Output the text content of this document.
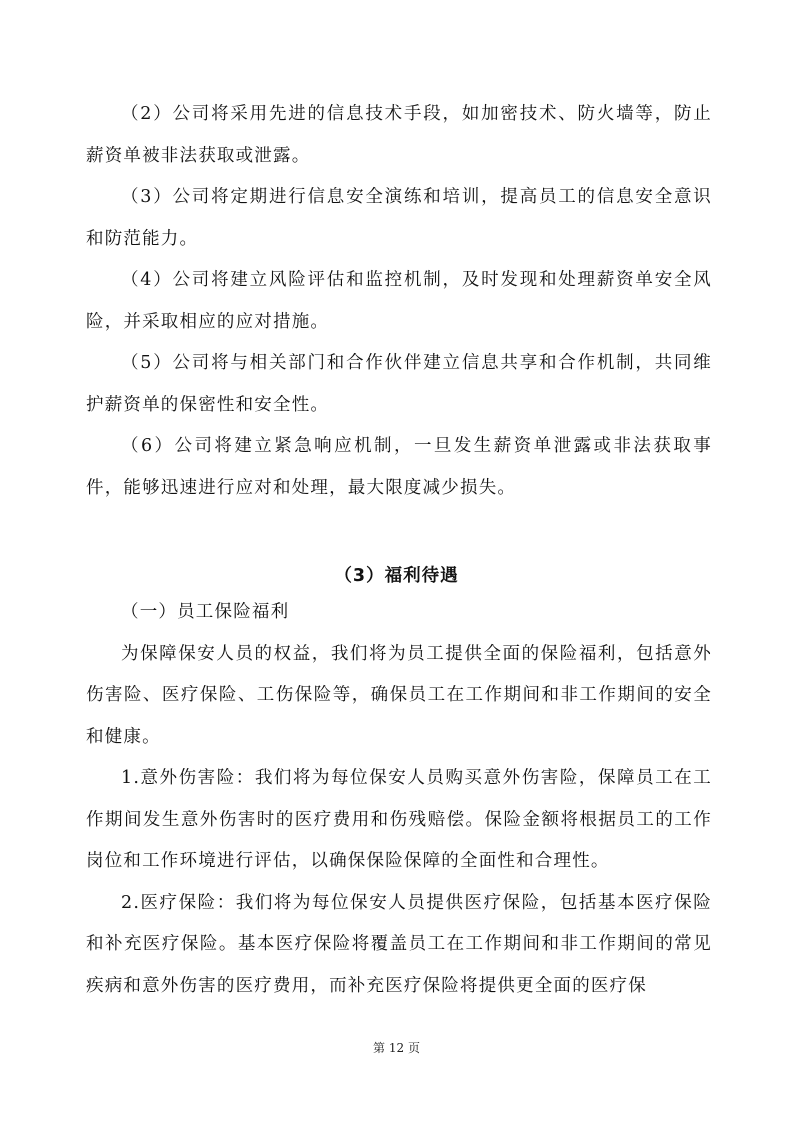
（2）公司将采用先进的信息技术手段，如加密技术、防火墙等，防止薪资单被非法获取或泄露。

（3）公司将定期进行信息安全演练和培训，提高员工的信息安全意识和防范能力。

（4）公司将建立风险评估和监控机制，及时发现和处理薪资单安全风险，并采取相应的应对措施。

（5）公司将与相关部门和合作伙伴建立信息共享和合作机制，共同维护薪资单的保密性和安全性。

（6）公司将建立紧急响应机制，一旦发生薪资单泄露或非法获取事件，能够迅速进行应对和处理，最大限度减少损失。

（3）福利待遇

（一）员工保险福利

为保障保安人员的权益，我们将为员工提供全面的保险福利，包括意外伤害险、医疗保险、工伤保险等，确保员工在工作期间和非工作期间的安全和健康。

1.意外伤害险：我们将为每位保安人员购买意外伤害险，保障员工在工作期间发生意外伤害时的医疗费用和伤残赔偿。保险金额将根据员工的工作岗位和工作环境进行评估，以确保保险保障的全面性和合理性。

2.医疗保险：我们将为每位保安人员提供医疗保险，包括基本医疗保险和补充医疗保险。基本医疗保险将覆盖员工在工作期间和非工作期间的常见疾病和意外伤害的医疗费用，而补充医疗保险将提供更全面的医疗保

第 12 页
